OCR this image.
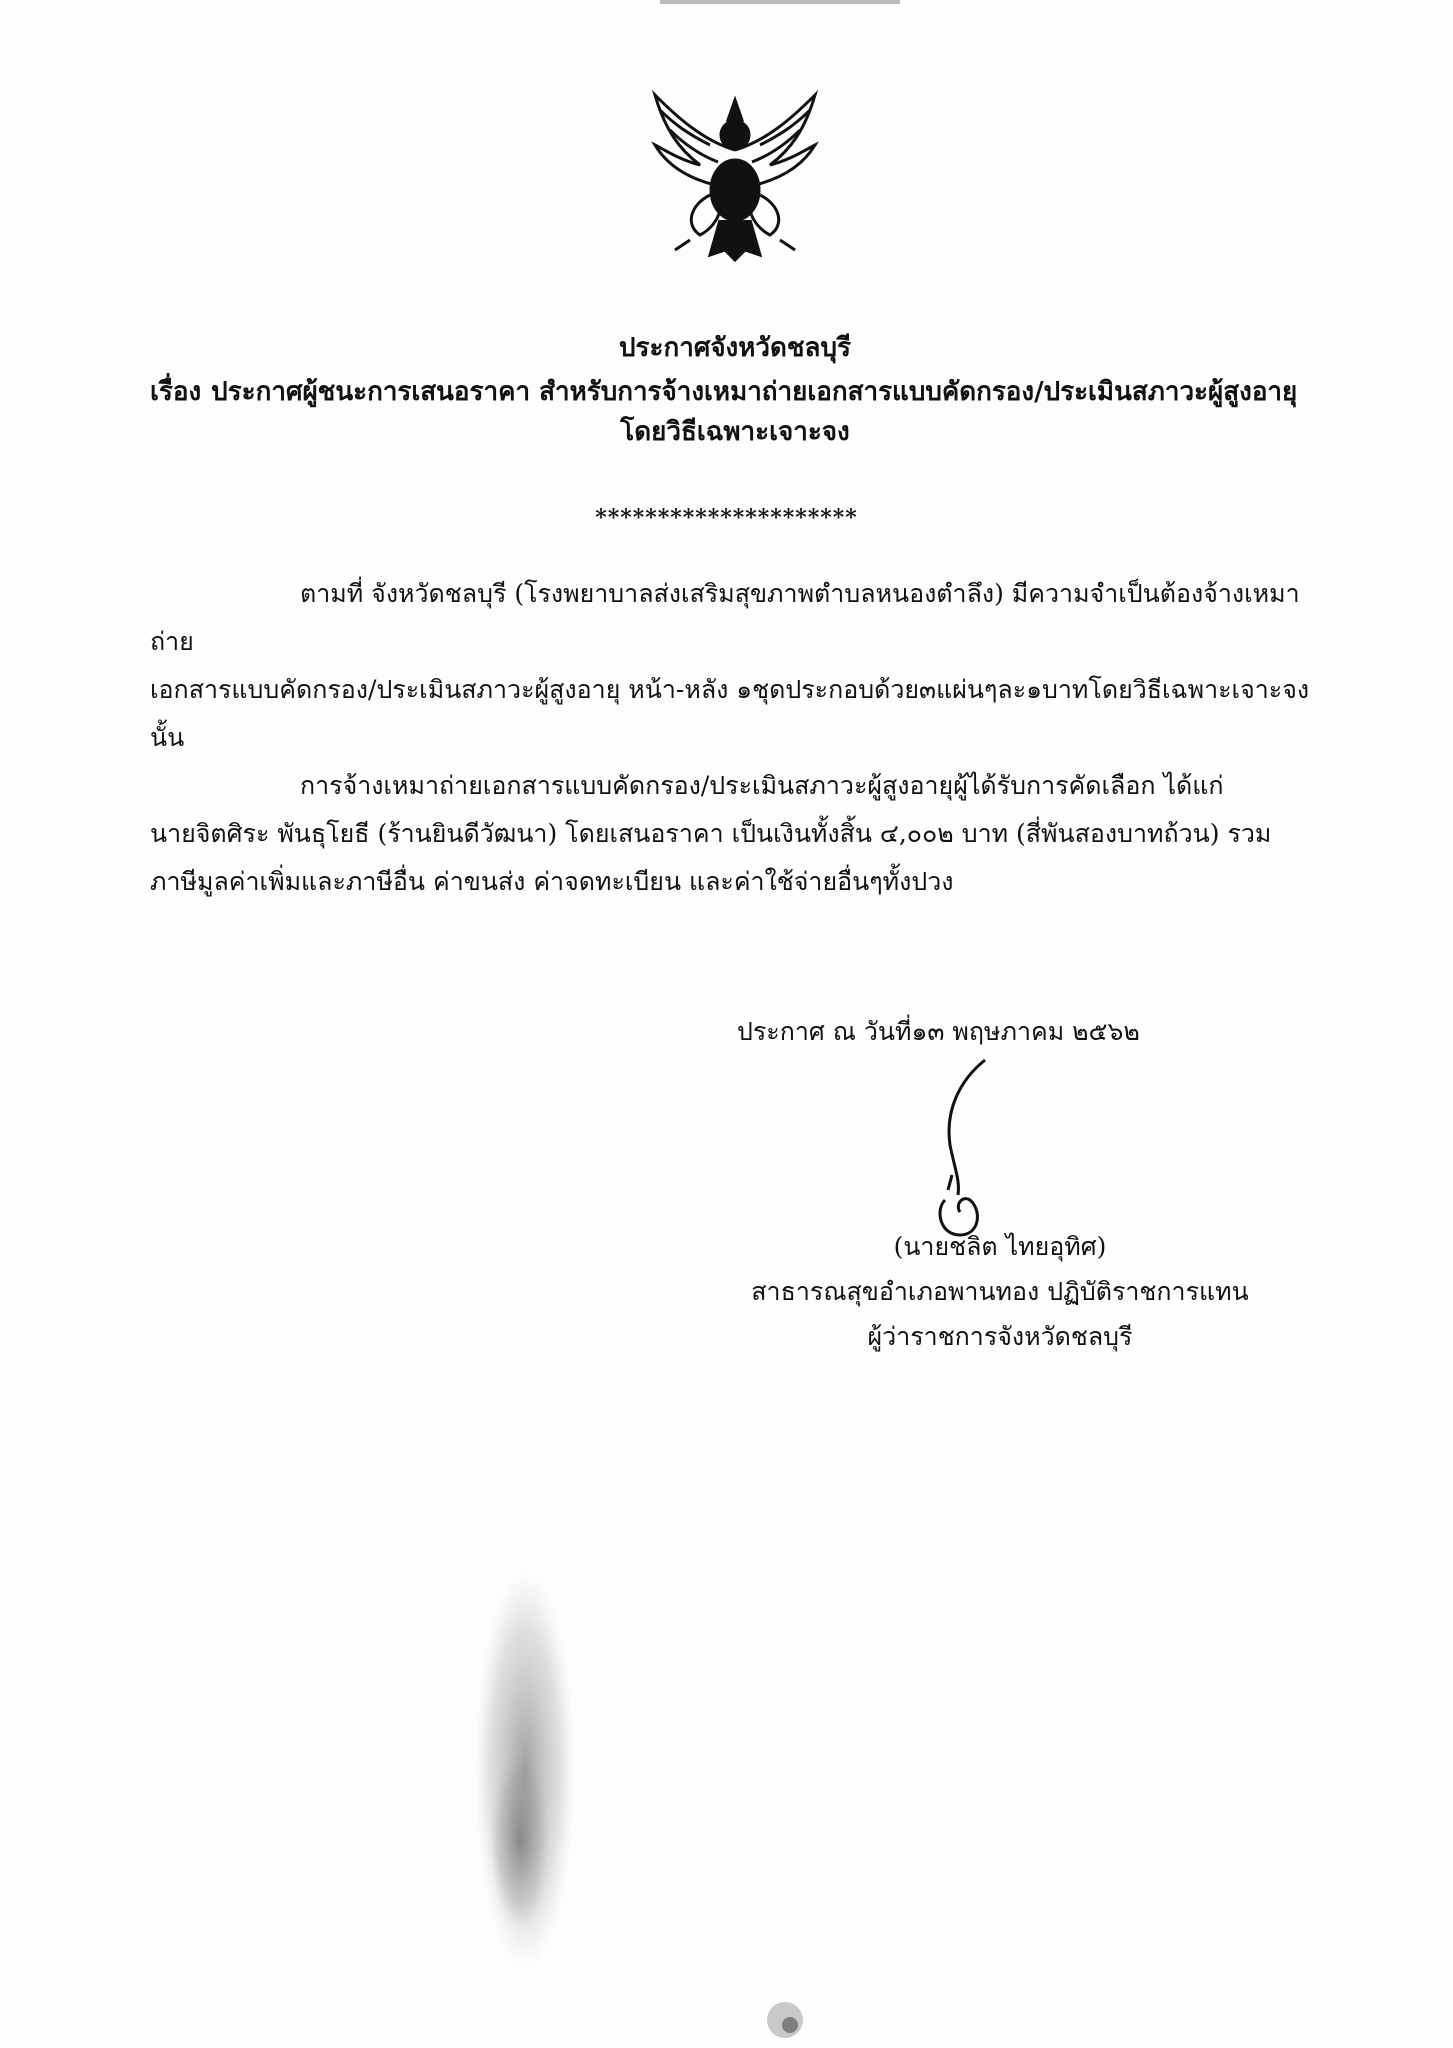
ประกาศจังหวัดชลบุรี

เรื่อง ประกาศผู้ชนะการเสนอราคา สำหรับการจ้างเหมาถ่ายเอกสารแบบคัดกรอง/ประเมินสภาวะผู้สูงอายุ

โดยวิธีเฉพาะเจาะจง

*********************

ตามที่ จังหวัดชลบุรี (โรงพยาบาลส่งเสริมสุขภาพตำบลหนองตำลึง) มีความจำเป็นต้องจ้างเหมาถ่าย

เอกสารแบบคัดกรอง/ประเมินสภาวะผู้สูงอายุ หน้า-หลัง ๑ชุดประกอบด้วย๓แผ่นๆละ๑บาทโดยวิธีเฉพาะเจาะจง

นั้น

การจ้างเหมาถ่ายเอกสารแบบคัดกรอง/ประเมินสภาวะผู้สูงอายุผู้ได้รับการคัดเลือก ได้แก่

นายจิตศิระ พันธุโยธี (ร้านยินดีวัฒนา) โดยเสนอราคา เป็นเงินทั้งสิ้น ๔,๐๐๒ บาท (สี่พันสองบาทถ้วน) รวม

ภาษีมูลค่าเพิ่มและภาษีอื่น ค่าขนส่ง ค่าจดทะเบียน และค่าใช้จ่ายอื่นๆทั้งปวง

ประกาศ ณ วันที่๑๓ พฤษภาคม ๒๕๖๒
(นายชลิต ไทยอุทิศ)
สาธารณสุขอำเภอพานทอง ปฏิบัติราชการแทน
ผู้ว่าราชการจังหวัดชลบุรี
